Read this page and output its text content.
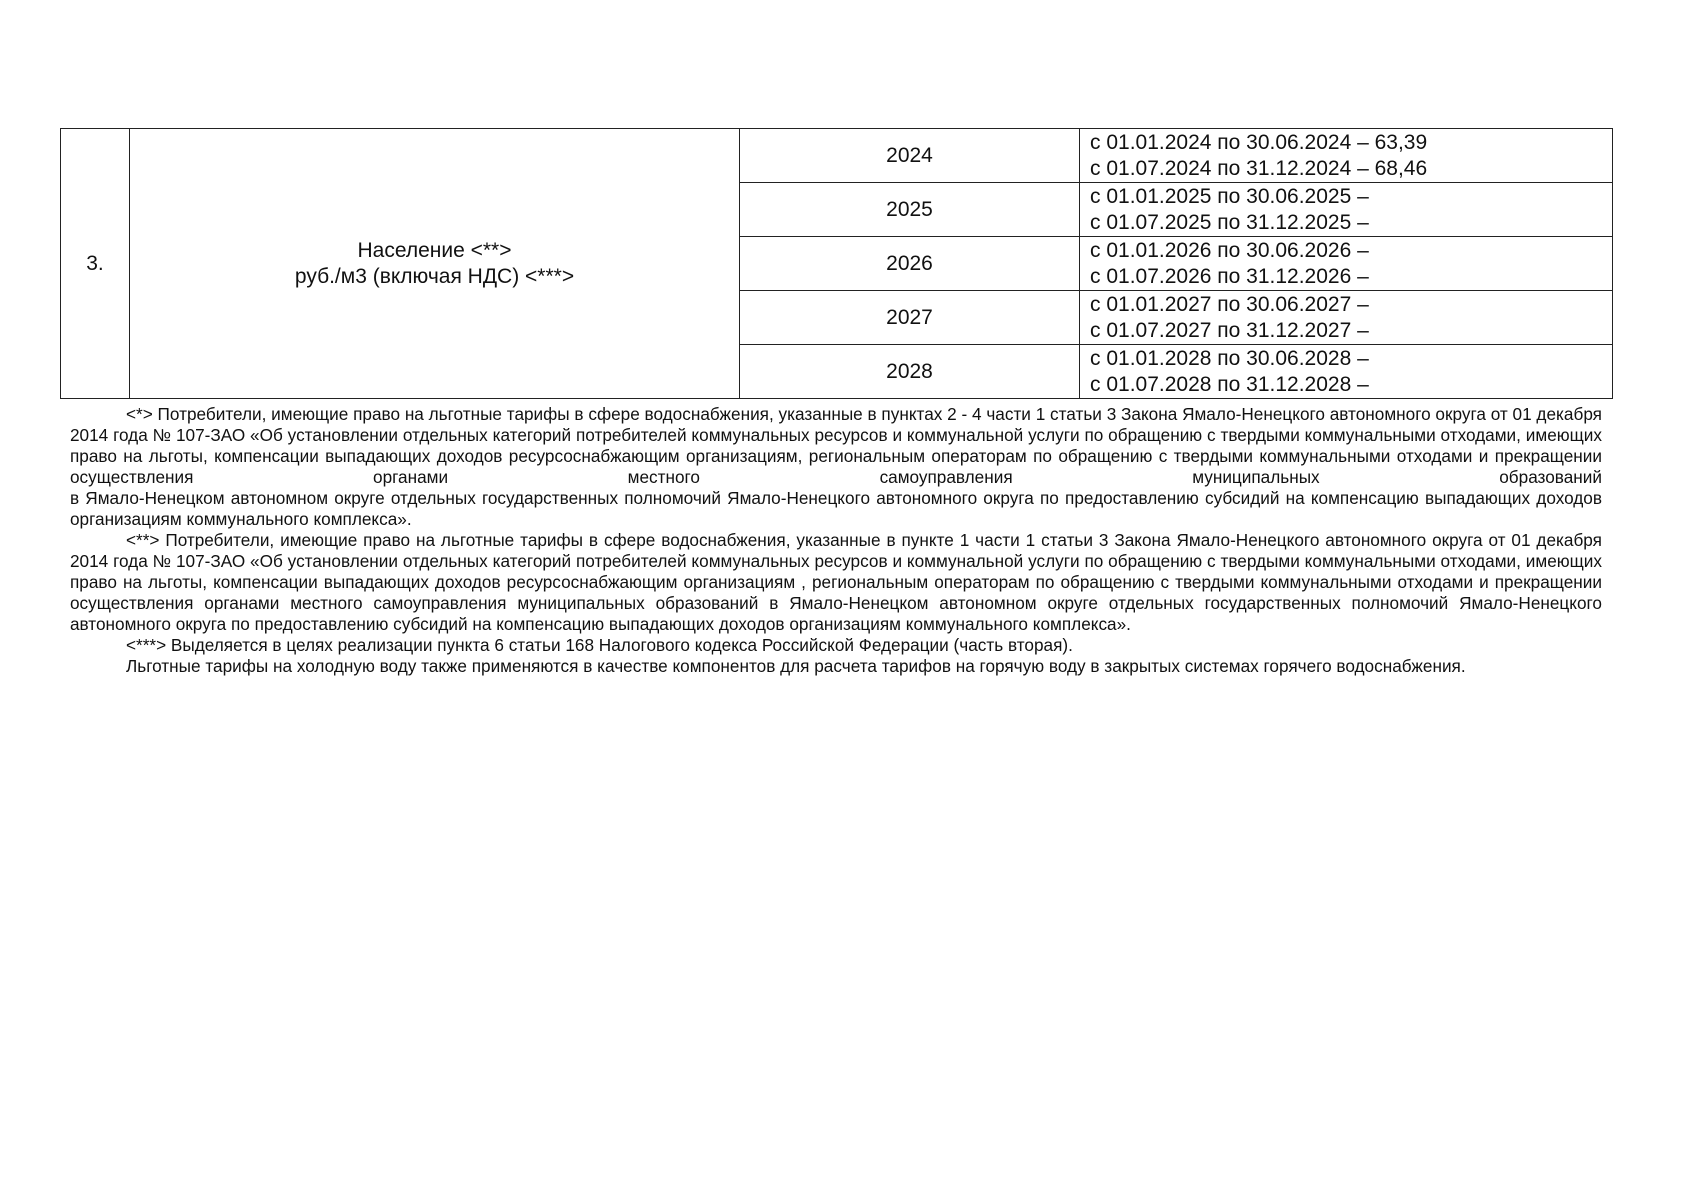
3.	Население <**>
руб./м3 (включая НДС) <***>	2024	с 01.01.2024 по 30.06.2024 – 63,39
с 01.07.2024 по 31.12.2024 – 68,46

		2025	с 01.01.2025 по 30.06.2025 –
с 01.07.2025 по 31.12.2025 –

		2026	с 01.01.2026 по 30.06.2026 –
с 01.07.2026 по 31.12.2026 –

		2027	с 01.01.2027 по 30.06.2027 –
с 01.07.2027 по 31.12.2027 –

		2028	с 01.01.2028 по 30.06.2028 –
с 01.07.2028 по 31.12.2028 –

<*> Потребители, имеющие право на льготные тарифы в сфере водоснабжения, указанные в пунктах 2 - 4 части 1 статьи 3 Закона Ямало-Ненецкого автономного округа от 01 декабря 2014 года № 107-ЗАО «Об установлении отдельных категорий потребителей коммунальных ресурсов и коммунальной услуги по обращению с твердыми коммунальными отходами, имеющих право на льготы, компенсации выпадающих доходов ресурсоснабжающим организациям, региональным операторам по обращению с твердыми коммунальными отходами и прекращении осуществления органами местного самоуправления муниципальных образований

в Ямало-Ненецком автономном округе отдельных государственных полномочий Ямало-Ненецкого автономного округа по предоставлению субсидий на компенсацию выпадающих доходов организациям коммунального комплекса».

<**> Потребители, имеющие право на льготные тарифы в сфере водоснабжения, указанные в пункте 1 части 1 статьи 3 Закона Ямало-Ненецкого автономного округа от 01 декабря 2014 года № 107-ЗАО «Об установлении отдельных категорий потребителей коммунальных ресурсов и коммунальной услуги по обращению с твердыми коммунальными отходами, имеющих право на льготы, компенсации выпадающих доходов ресурсоснабжающим организациям , региональным операторам по обращению с твердыми коммунальными отходами и прекращении осуществления органами местного самоуправления муниципальных образований в Ямало-Ненецком автономном округе отдельных государственных полномочий Ямало-Ненецкого автономного округа по предоставлению субсидий на компенсацию выпадающих доходов организациям коммунального комплекса».

<***> Выделяется в целях реализации пункта 6 статьи 168 Налогового кодекса Российской Федерации (часть вторая).

Льготные тарифы на холодную воду также применяются в качестве компонентов для расчета тарифов на горячую воду в закрытых системах горячего водоснабжения.
